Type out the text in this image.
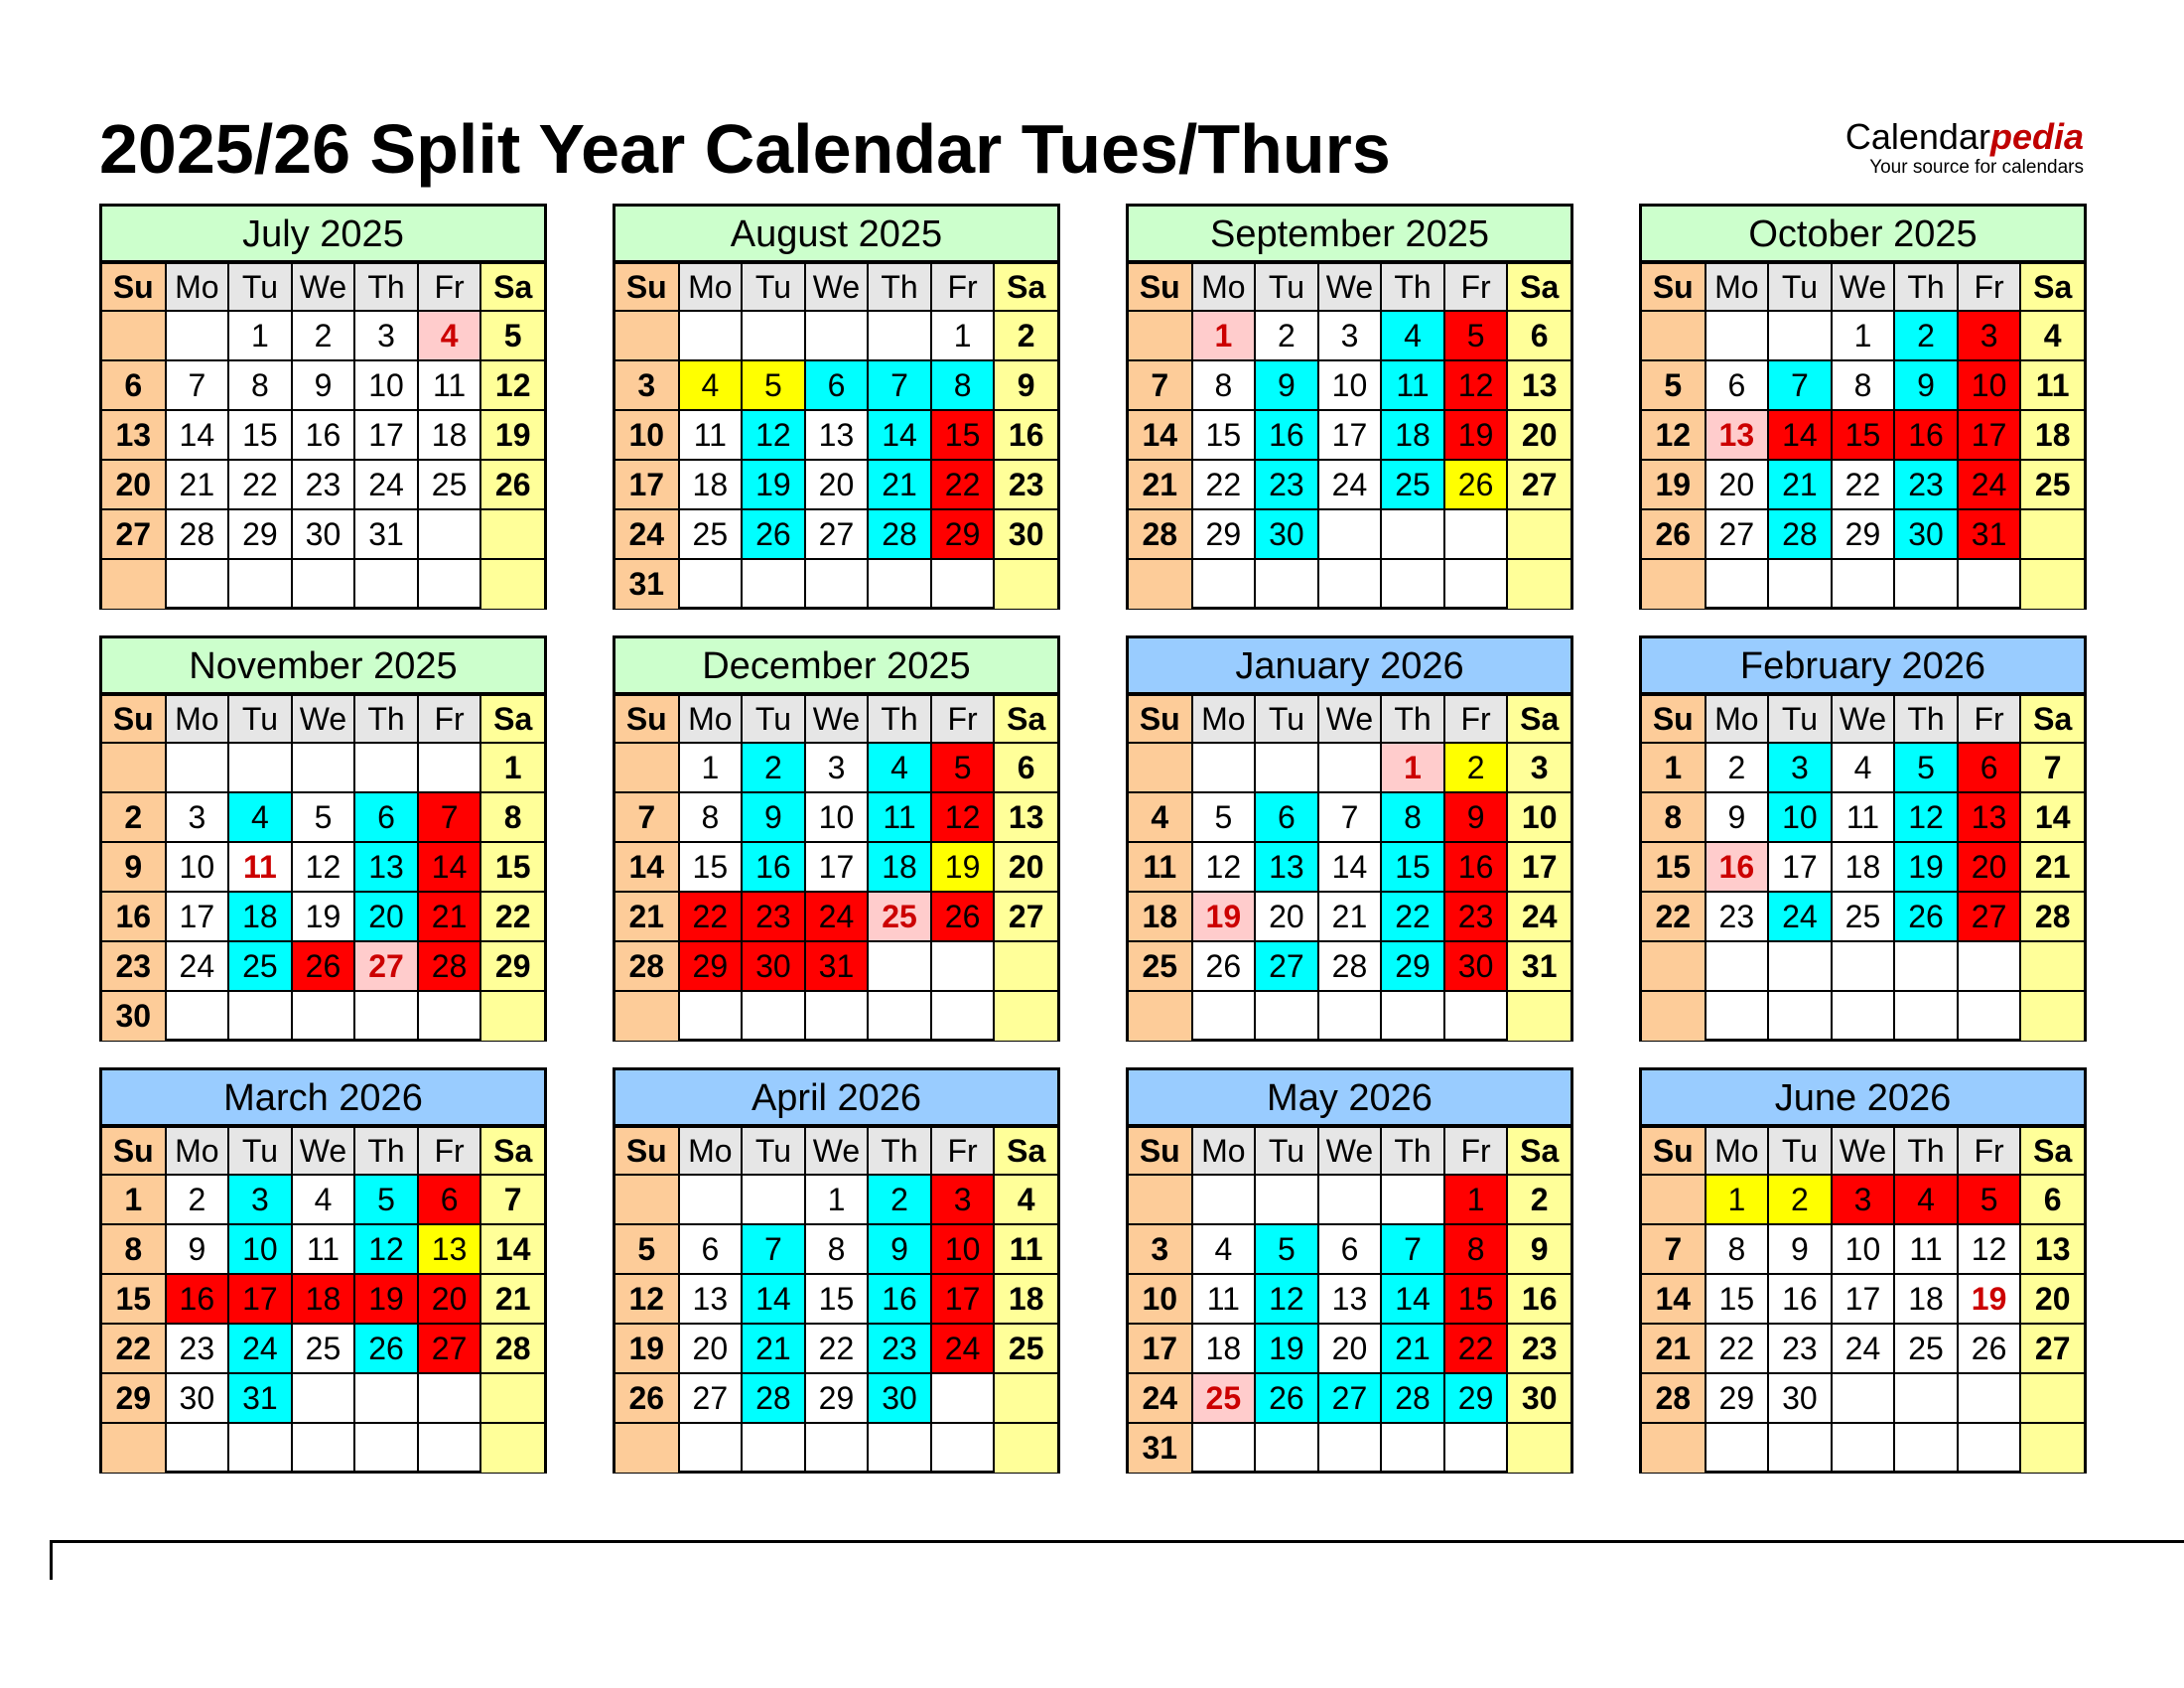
2025/26 Split Year Calendar Tues/Thurs	Calendarpedia
Your source for calendars
July 2025
Su	Mo	Tu	We	Th	Fr	Sa
		1	2	3	4	5
6	7	8	9	10	11	12
13	14	15	16	17	18	19
20	21	22	23	24	25	26
27	28	29	30	31		

August 2025
Su	Mo	Tu	We	Th	Fr	Sa
					1	2
3	4	5	6	7	8	9
10	11	12	13	14	15	16
17	18	19	20	21	22	23
24	25	26	27	28	29	30
31						
September 2025
Su	Mo	Tu	We	Th	Fr	Sa
	1	2	3	4	5	6
7	8	9	10	11	12	13
14	15	16	17	18	19	20
21	22	23	24	25	26	27
28	29	30				

October 2025
Su	Mo	Tu	We	Th	Fr	Sa
			1	2	3	4
5	6	7	8	9	10	11
12	13	14	15	16	17	18
19	20	21	22	23	24	25
26	27	28	29	30	31	

November 2025
Su	Mo	Tu	We	Th	Fr	Sa
						1
2	3	4	5	6	7	8
9	10	11	12	13	14	15
16	17	18	19	20	21	22
23	24	25	26	27	28	29
30						
December 2025
Su	Mo	Tu	We	Th	Fr	Sa
	1	2	3	4	5	6
7	8	9	10	11	12	13
14	15	16	17	18	19	20
21	22	23	24	25	26	27
28	29	30	31			

January 2026
Su	Mo	Tu	We	Th	Fr	Sa
				1	2	3
4	5	6	7	8	9	10
11	12	13	14	15	16	17
18	19	20	21	22	23	24
25	26	27	28	29	30	31

February 2026
Su	Mo	Tu	We	Th	Fr	Sa
1	2	3	4	5	6	7
8	9	10	11	12	13	14
15	16	17	18	19	20	21
22	23	24	25	26	27	28

March 2026
Su	Mo	Tu	We	Th	Fr	Sa
1	2	3	4	5	6	7
8	9	10	11	12	13	14
15	16	17	18	19	20	21
22	23	24	25	26	27	28
29	30	31				

April 2026
Su	Mo	Tu	We	Th	Fr	Sa
			1	2	3	4
5	6	7	8	9	10	11
12	13	14	15	16	17	18
19	20	21	22	23	24	25
26	27	28	29	30		

May 2026
Su	Mo	Tu	We	Th	Fr	Sa
					1	2
3	4	5	6	7	8	9
10	11	12	13	14	15	16
17	18	19	20	21	22	23
24	25	26	27	28	29	30
31						
June 2026
Su	Mo	Tu	We	Th	Fr	Sa
	1	2	3	4	5	6
7	8	9	10	11	12	13
14	15	16	17	18	19	20
21	22	23	24	25	26	27
28	29	30				
